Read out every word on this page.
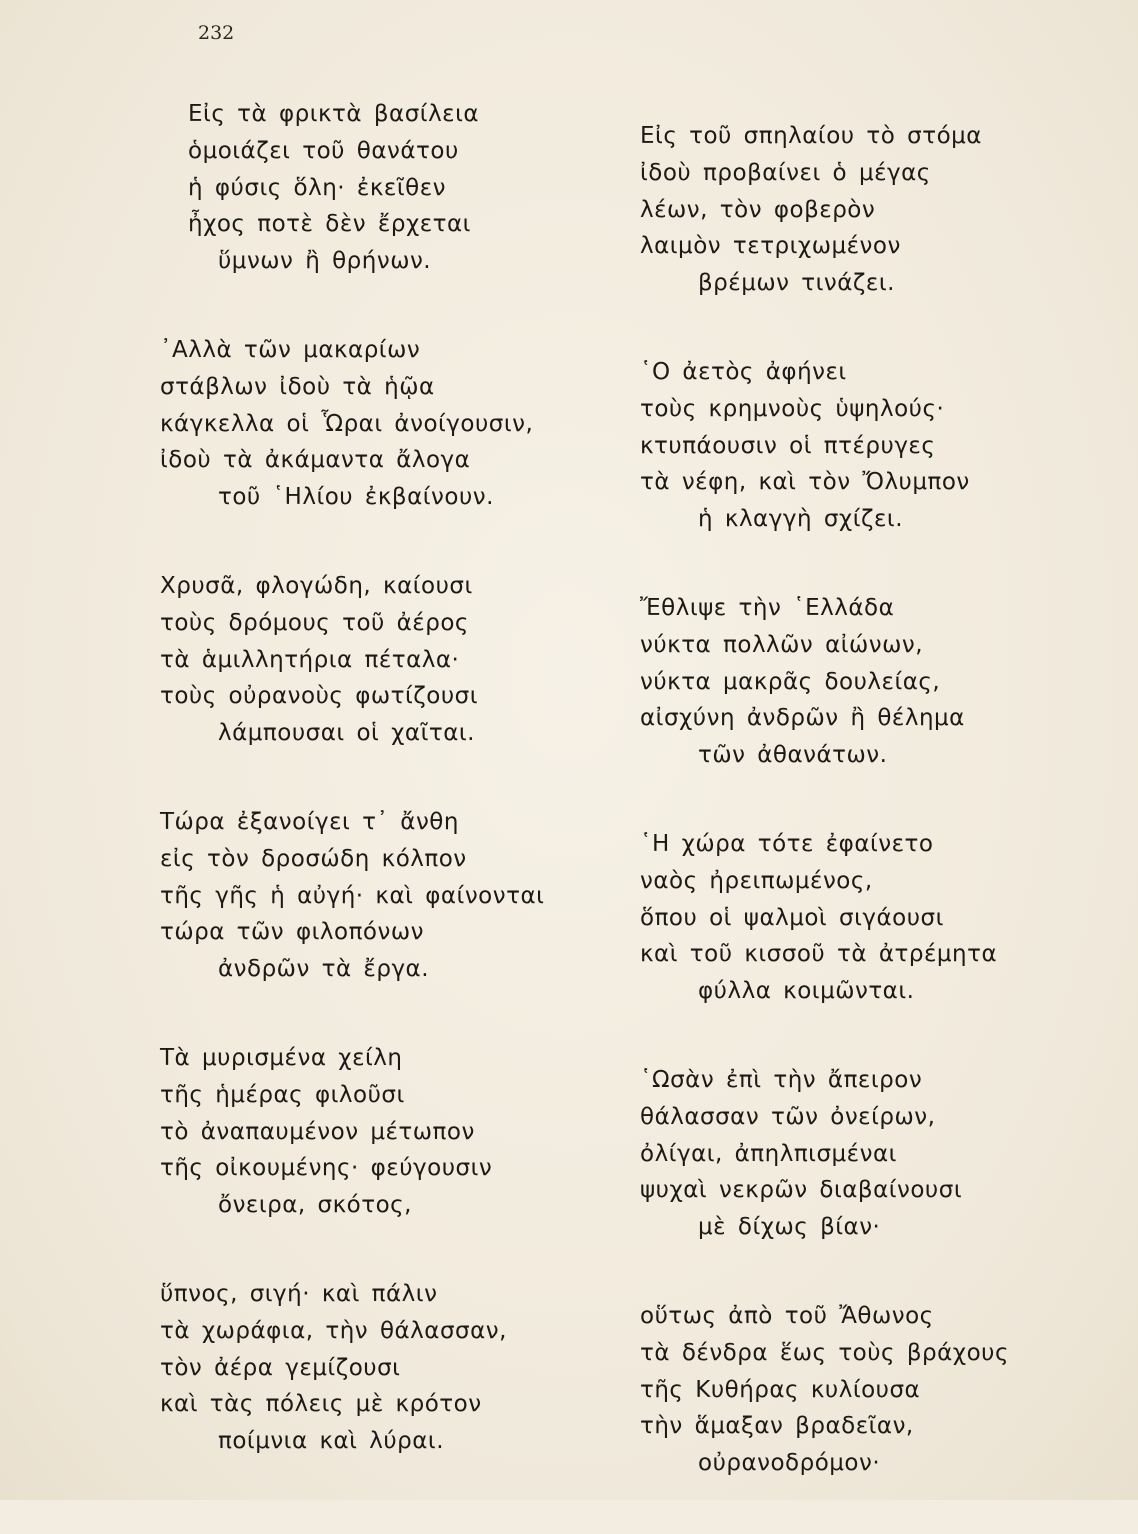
232
Εἰς τὰ φρικτὰ βασίλεια
ὁμοιάζει τοῦ θανάτου
ἡ φύσις ὅλη· ἐκεῖθεν
ἦχος ποτὲ δὲν ἔρχεται
ὕμνων ἢ θρήνων.
᾿Αλλὰ τῶν μακαρίων
στάβλων ἰδοὺ τὰ ἡῷα
κάγκελλα οἱ Ὧραι ἀνοίγουσιν,
ἰδοὺ τὰ ἀκάμαντα ἄλογα
τοῦ ῾Ηλίου ἐκβαίνουν.
Χρυσᾶ, φλογώδη, καίουσι
τοὺς δρόμους τοῦ ἀέρος
τὰ ἁμιλλητήρια πέταλα·
τοὺς οὐρανοὺς φωτίζουσι
λάμπουσαι οἱ χαῖται.
Τώρα ἐξανοίγει τ᾿ ἄνθη
εἰς τὸν δροσώδη κόλπον
τῆς γῆς ἡ αὐγή· καὶ φαίνονται
τώρα τῶν φιλοπόνων
ἀνδρῶν τὰ ἔργα.
Τὰ μυρισμένα χείλη
τῆς ἡμέρας φιλοῦσι
τὸ ἀναπαυμένον μέτωπον
τῆς οἰκουμένης· φεύγουσιν
ὄνειρα, σκότος,
ὕπνος, σιγή· καὶ πάλιν
τὰ χωράφια, τὴν θάλασσαν,
τὸν ἀέρα γεμίζουσι
καὶ τὰς πόλεις μὲ κρότον
ποίμνια καὶ λύραι.
Εἰς τοῦ σπηλαίου τὸ στόμα
ἰδοὺ προβαίνει ὁ μέγας
λέων, τὸν φοβερὸν
λαιμὸν τετριχωμένον
βρέμων τινάζει.
῾Ο ἀετὸς ἀφήνει
τοὺς κρημνοὺς ὑψηλούς·
κτυπάουσιν οἱ πτέρυγες
τὰ νέφη, καὶ τὸν Ὄλυμπον
ἡ κλαγγὴ σχίζει.
Ἔθλιψε τὴν ῾Ελλάδα
νύκτα πολλῶν αἰώνων,
νύκτα μακρᾶς δουλείας,
αἰσχύνη ἀνδρῶν ἢ θέλημα
τῶν ἀθανάτων.
῾Η χώρα τότε ἐφαίνετο
ναὸς ἠρειπωμένος,
ὅπου οἱ ψαλμοὶ σιγάουσι
καὶ τοῦ κισσοῦ τὰ ἀτρέμητα
φύλλα κοιμῶνται.
῾Ωσὰν ἐπὶ τὴν ἄπειρον
θάλασσαν τῶν ὀνείρων,
ὀλίγαι, ἀπηλπισμέναι
ψυχαὶ νεκρῶν διαβαίνουσι
μὲ δίχως βίαν·
οὕτως ἀπὸ τοῦ Ἄθωνος
τὰ δένδρα ἕως τοὺς βράχους
τῆς Κυθήρας κυλίουσα
τὴν ἅμαξαν βραδεῖαν,
οὐρανοδρόμον·
